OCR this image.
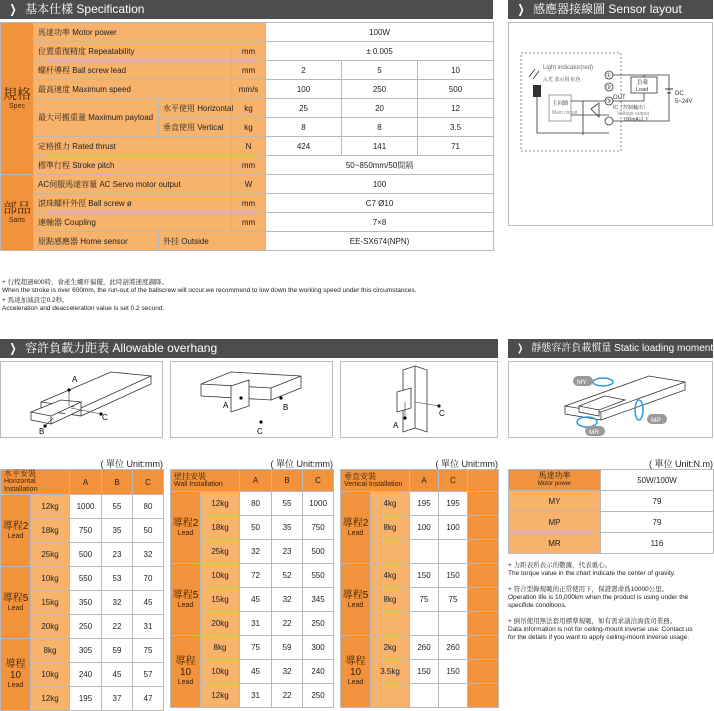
❯ 基本仕樣 Specification
規格
Spec	馬達功率 Motor power			100W		
	位置重復精度 Repeatability		mm	± 0.005		
	螺杆導程 Ball screw lead		mm	2	5	10
	最高速度 Maximum speed		mm/s	100	250	500
	最大可搬重量 Maximum payload	水平使用 Horizontal	kg	25	20	12
		垂直使用 Vertical	kg	8	8	3.5
	定格推力 Rated thrust		N	424	141	71
	標準行程 Stroke pitch		mm	50~850mm/50間隔		
部品
Sarts	AC伺服馬達容量 AC Servo motor output		W	100		
	滾珠螺杆外徑 Ball screw ø		mm	C7 Ø10		
	連軸器 Coupling		mm	7×8		
	原點感應器 Home sensor	外挂 Outside		EE-SX674(NPN)		
+ 行程超過600時，會產生螺杆偏擺，此時請將速度調降。
When the stroke is over 600mm, the run-out of the ballscrew will occur.we recommend to low down the working speed under this circumstances.
+ 馬達加減設定0.2秒。
Acceleration and deacceleration value is set 0.2 second.
❯ 感應器接線圖 Sensor layout
Light indicator(red)
入光 表示用 紅色
主回路
Main circuit
①
②
③
OUT
負載
Load
DC
5~24V
IC（控制輸出）
Voltage output
100mA以下
❯ 容許負載力距表 Allowable overhang
A
C
B
B
C
A
A
C
( 單位 Unit:mm)	( 單位 Unit:mm)	( 單位 Unit:mm)
水平安裝
Horizontal Installation		A	B	C
導程2
Lead	12kg	1000	55	80
	18kg	750	35	50
	25kg	500	23	32
導程5
Lead	10kg	550	53	70
	15kg	350	32	45
	20kg	250	22	31
導程10
Lead	8kg	305	59	75
	10kg	240	45	57
	12kg	195	37	47
壁挂安裝
Wall Installation		A	B	C
導程2
Lead	12kg	80	55	1000
	18kg	50	35	750
	25kg	32	23	500
導程5
Lead	10kg	72	52	550
	15kg	45	32	345
	20kg	31	22	250
導程10
Lead	8kg	75	59	300
	10kg	45	32	240
	12kg	31	22	250
垂直安裝
Vertical Installation		A	C	
導程2
Lead	4kg	195	195	
	8kg	100	100	

導程5
Lead	4kg	150	150	
	8kg	75	75	

導程10
Lead	2kg	260	260	
	3.5kg	150	150	

❯ 靜態容許負載慣量 Static loading moment
MY
MP
MR
( 單位 Unit:N.m)
馬達功率
Motor power	50W/100W
MY	79
MP	79
MR	116
+ 力距表所表示的數據，代表重心。
The torque value in the chart indicate the center of gravity.
+ 符合型錄規範的正常使用下，保證壽命爲10000公里。
Operation life is 10,000km when the product is using under the
specifide conditions.
+ 倒吊使用無法套用標準規範，如有需求請洽詢我司業務。
Data information is not for ceiling-mount inverse use. Contact us
for the details if you want to apply ceiling-mount inverse usage.
